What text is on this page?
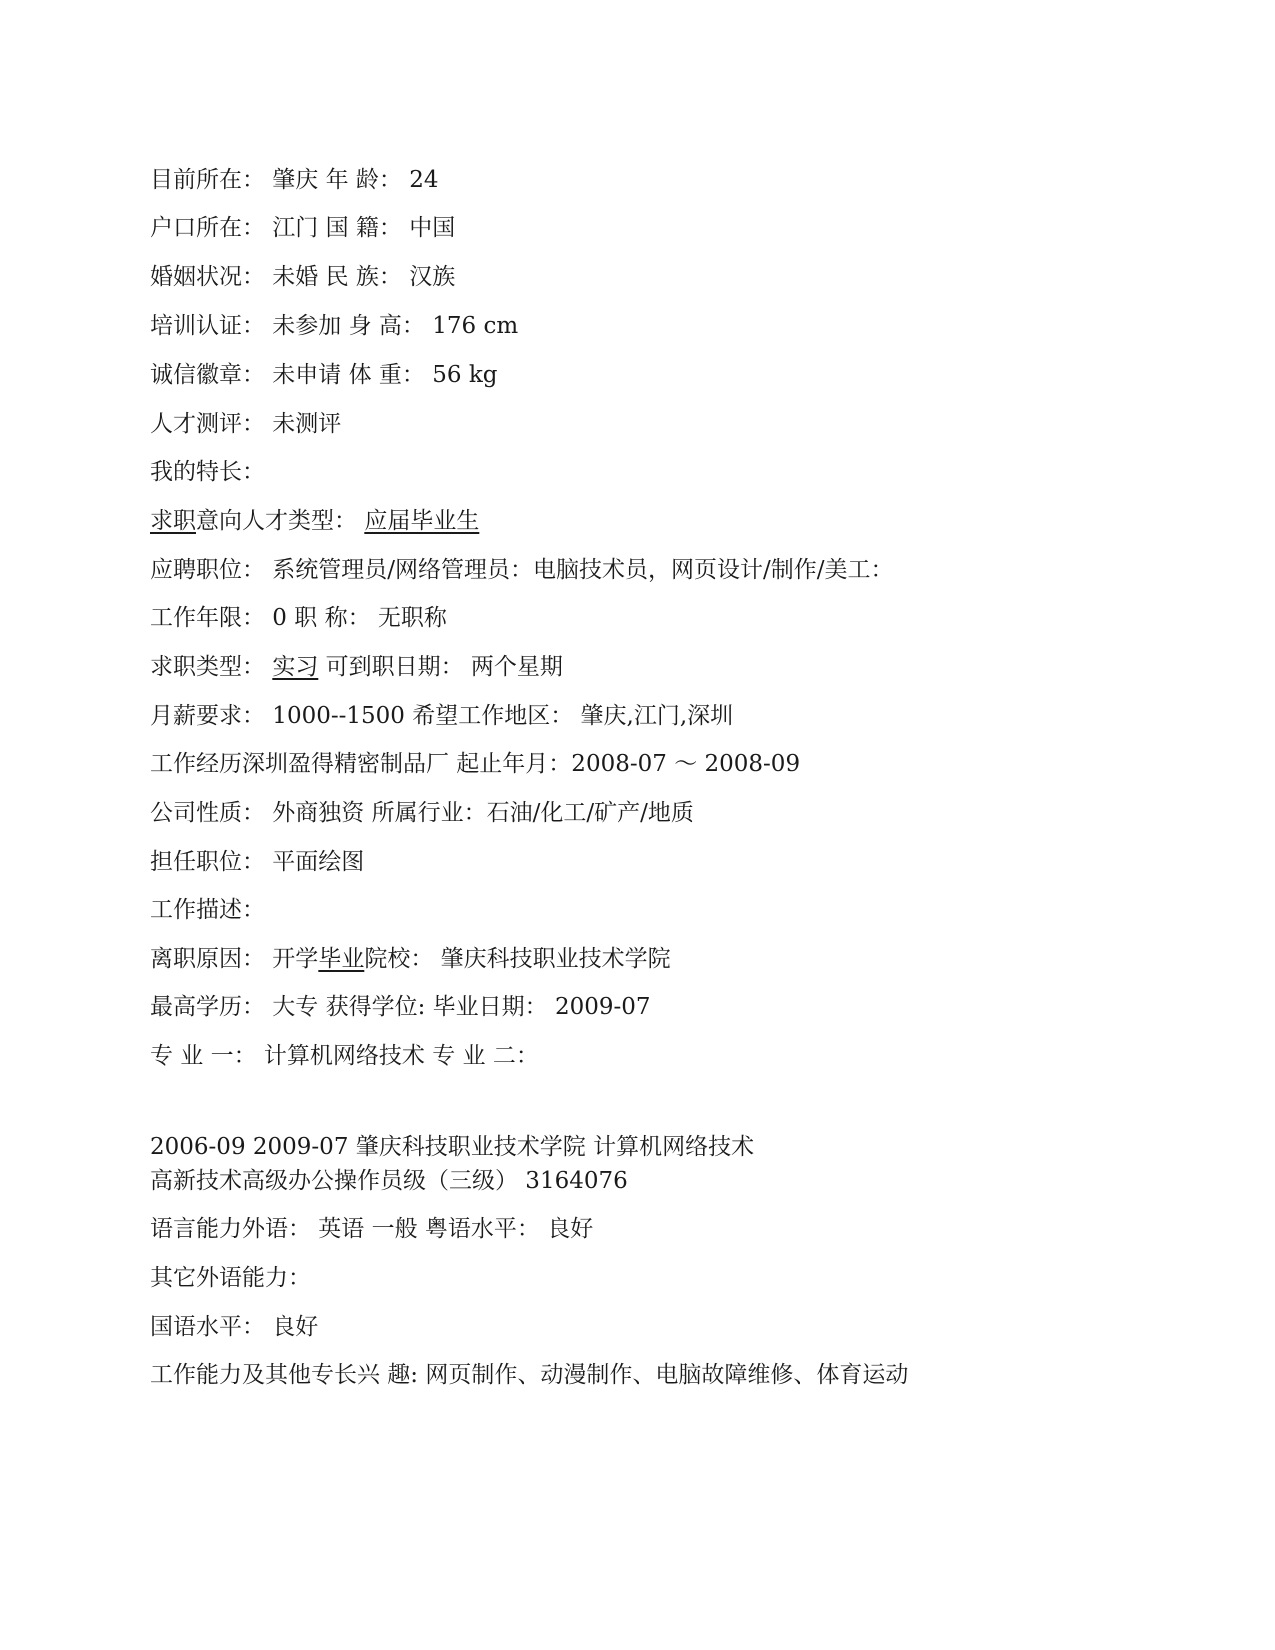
目前所在： 肇庆 年 龄： 24
户口所在： 江门 国 籍： 中国
婚姻状况： 未婚 民 族： 汉族
培训认证： 未参加 身 高： 176 cm
诚信徽章： 未申请 体 重： 56 kg
人才测评： 未测评
我的特长：
求职意向人才类型： 应届毕业生
应聘职位： 系统管理员/网络管理员：电脑技术员，网页设计/制作/美工：
工作年限： 0 职 称： 无职称
求职类型： 实习 可到职日期： 两个星期
月薪要求： 1000--1500 希望工作地区： 肇庆,江门,深圳
工作经历深圳盈得精密制品厂 起止年月：2008-07 ～ 2008-09
公司性质： 外商独资 所属行业：石油/化工/矿产/地质
担任职位： 平面绘图
工作描述：
离职原因： 开学毕业院校： 肇庆科技职业技术学院
最高学历： 大专 获得学位: 毕业日期： 2009-07
专 业 一： 计算机网络技术 专 业 二：
2006-09 2009-07 肇庆科技职业技术学院 计算机网络技术
高新技术高级办公操作员级（三级） 3164076
语言能力外语： 英语 一般 粤语水平： 良好
其它外语能力：
国语水平： 良好
工作能力及其他专长兴 趣: 网页制作、动漫制作、电脑故障维修、体育运动
